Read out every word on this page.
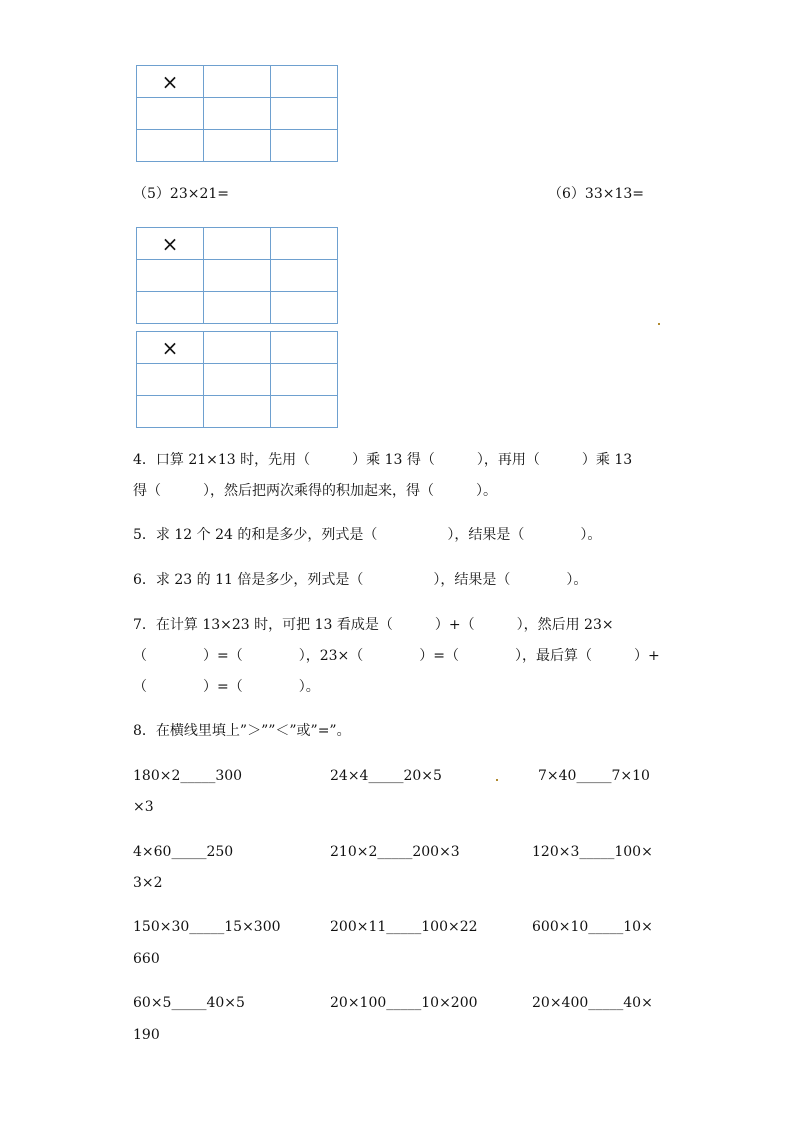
×		

（5）23×21=	（6）33×13=
×		

×		

4．口算 21×13 时，先用（　　　）乘 13 得（　　　），再用（　　　）乘 13
得（　　　），然后把两次乘得的积加起来，得（　　　）。
5．求 12 个 24 的和是多少，列式是（　　　　　），结果是（　　　　）。
6．求 23 的 11 倍是多少，列式是（　　　　　），结果是（　　　　）。
7．在计算 13×23 时，可把 13 看成是（　　　）+（　　　），然后用 23×
（　　　　）=（　　　　），23×（　　　　）=（　　　　），最后算（　　　）+
（　　　　）=（　　　　）。
8．在横线里填上”＞””＜”或”=”。
180×2_____300	24×4_____20×5	7×40_____7×10
×3
4×60_____250	210×2_____200×3	120×3_____100×
3×2
150×30_____15×300	200×11_____100×22	600×10_____10×
660
60×5_____40×5	20×100_____10×200	20×400_____40×
190
